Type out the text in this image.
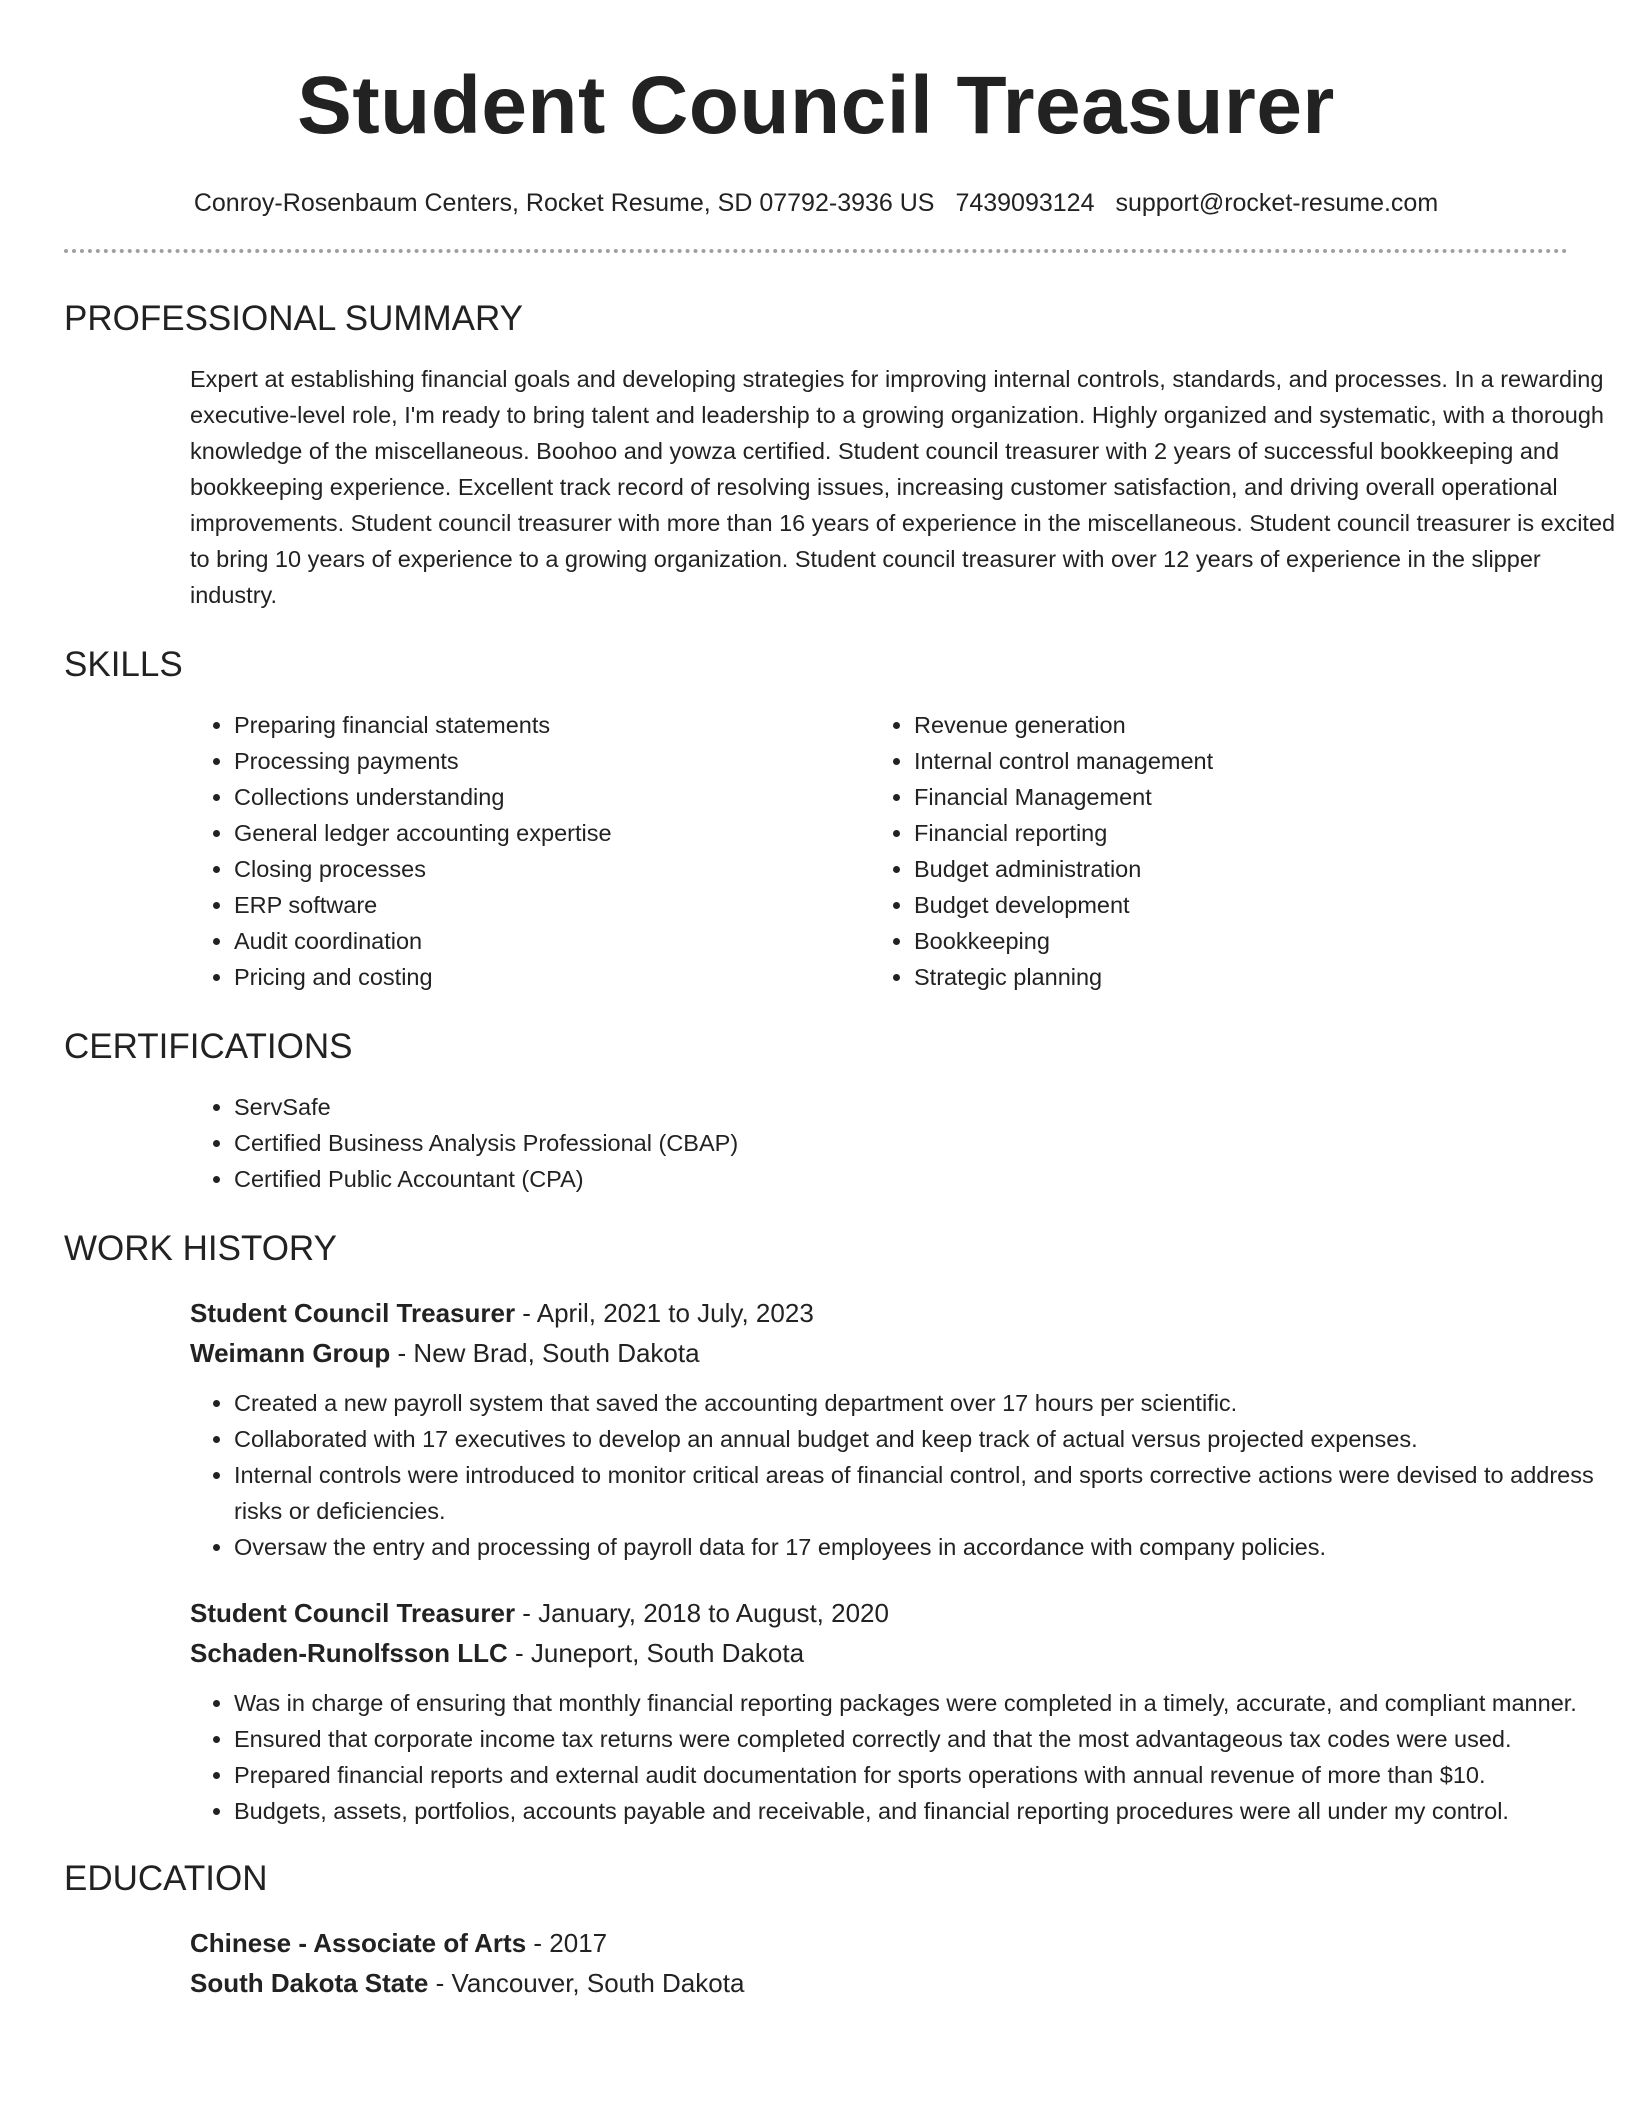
Student Council Treasurer
Conroy-Rosenbaum Centers, Rocket Resume, SD 07792-3936 US 7439093124 support@rocket-resume.com
PROFESSIONAL SUMMARY

Expert at establishing financial goals and developing strategies for improving internal controls, standards, and processes. In a rewarding executive-level role, I'm ready to bring talent and leadership to a growing organization. Highly organized and systematic, with a thorough knowledge of the miscellaneous. Boohoo and yowza certified. Student council treasurer with 2 years of successful bookkeeping and bookkeeping experience. Excellent track record of resolving issues, increasing customer satisfaction, and driving overall operational improvements. Student council treasurer with more than 16 years of experience in the miscellaneous. Student council treasurer is excited to bring 10 years of experience to a growing organization. Student council treasurer with over 12 years of experience in the slipper industry.

SKILLS
• Preparing financial statements
• Processing payments
• Collections understanding
• General ledger accounting expertise
• Closing processes
• ERP software
• Audit coordination
• Pricing and costing
• Revenue generation
• Internal control management
• Financial Management
• Financial reporting
• Budget administration
• Budget development
• Bookkeeping
• Strategic planning
CERTIFICATIONS
• ServSafe
• Certified Business Analysis Professional (CBAP)
• Certified Public Accountant (CPA)
WORK HISTORY
Student Council Treasurer - April, 2021 to July, 2023
Weimann Group - New Brad, South Dakota
• Created a new payroll system that saved the accounting department over 17 hours per scientific.
• Collaborated with 17 executives to develop an annual budget and keep track of actual versus projected expenses.
• Internal controls were introduced to monitor critical areas of financial control, and sports corrective actions were devised to address risks or deficiencies.
• Oversaw the entry and processing of payroll data for 17 employees in accordance with company policies.
Student Council Treasurer - January, 2018 to August, 2020
Schaden-Runolfsson LLC - Juneport, South Dakota
• Was in charge of ensuring that monthly financial reporting packages were completed in a timely, accurate, and compliant manner.
• Ensured that corporate income tax returns were completed correctly and that the most advantageous tax codes were used.
• Prepared financial reports and external audit documentation for sports operations with annual revenue of more than $10.
• Budgets, assets, portfolios, accounts payable and receivable, and financial reporting procedures were all under my control.
EDUCATION
Chinese - Associate of Arts - 2017
South Dakota State - Vancouver, South Dakota
